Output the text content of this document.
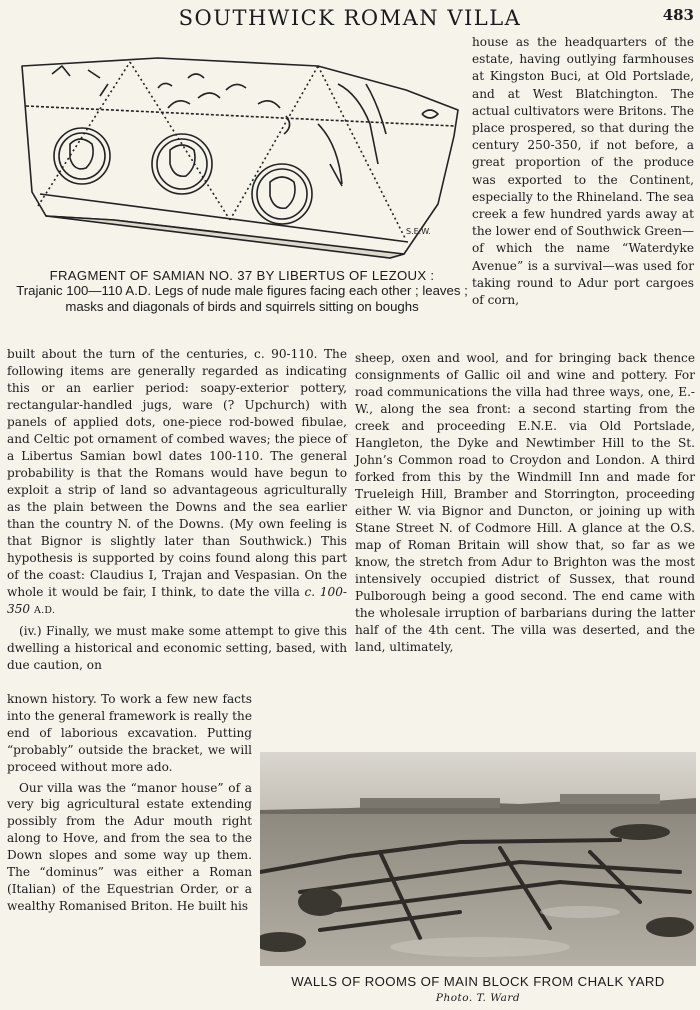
SOUTHWICK ROMAN VILLA	483
S.E.W.
FRAGMENT OF SAMIAN NO. 37 BY LIBERTUS OF LEZOUX :
Trajanic 100—110 A.D. Legs of nude male figures facing each other ; leaves ; masks and diagonals of birds and squirrels sitting on boughs

house as the headquarters of the estate, having outlying farmhouses at Kingston Buci, at Old Portslade, and at West Blatchington. The actual cultivators were Britons. The place prospered, so that during the century 250-350, if not before, a great proportion of the produce was exported to the Continent, especially to the Rhineland. The sea creek a few hundred yards away at the lower end of Southwick Green—of which the name “Waterdyke Avenue” is a survival—was used for taking round to Adur port cargoes of corn,

built about the turn of the centuries, c. 90-110. The following items are generally regarded as indicating this or an earlier period: soapy-exterior pottery, rectangular-handled jugs, ware (? Upchurch) with panels of applied dots, one-piece rod-bowed fibulae, and Celtic pot ornament of combed waves; the piece of a Libertus Samian bowl dates 100-110. The general probability is that the Romans would have begun to exploit a strip of land so advantageous agriculturally as the plain between the Downs and the sea earlier than the country N. of the Downs. (My own feeling is that Bignor is slightly later than Southwick.) This hypothesis is supported by coins found along this part of the coast: Claudius I, Trajan and Vespasian. On the whole it would be fair, I think, to date the villa c. 100-350 A.D.

(iv.) Finally, we must make some attempt to give this dwelling a historical and economic setting, based, with due caution, on

sheep, oxen and wool, and for bringing back thence consignments of Gallic oil and wine and pottery. For road communications the villa had three ways, one, E.-W., along the sea front: a second starting from the creek and proceeding E.N.E. via Old Portslade, Hangleton, the Dyke and Newtimber Hill to the St. John’s Common road to Croydon and London. A third forked from this by the Windmill Inn and made for Trueleigh Hill, Bramber and Storrington, proceeding either W. via Bignor and Duncton, or joining up with Stane Street N. of Codmore Hill. A glance at the O.S. map of Roman Britain will show that, so far as we know, the stretch from Adur to Brighton was the most intensively occupied district of Sussex, that round Pulborough being a good second. The end came with the wholesale irruption of barbarians during the latter half of the 4th cent. The villa was deserted, and the land, ultimately,

known history. To work a few new facts into the general framework is really the end of laborious excavation. Putting “probably” outside the bracket, we will proceed without more ado.

Our villa was the “manor house” of a very big agricultural estate extending possibly from the Adur mouth right along to Hove, and from the sea to the Down slopes and some way up them. The “dominus” was either a Roman (Italian) of the Equestrian Order, or a wealthy Romanised Briton. He built his

WALLS OF ROOMS OF MAIN BLOCK FROM CHALK YARD
Photo. T. Ward
